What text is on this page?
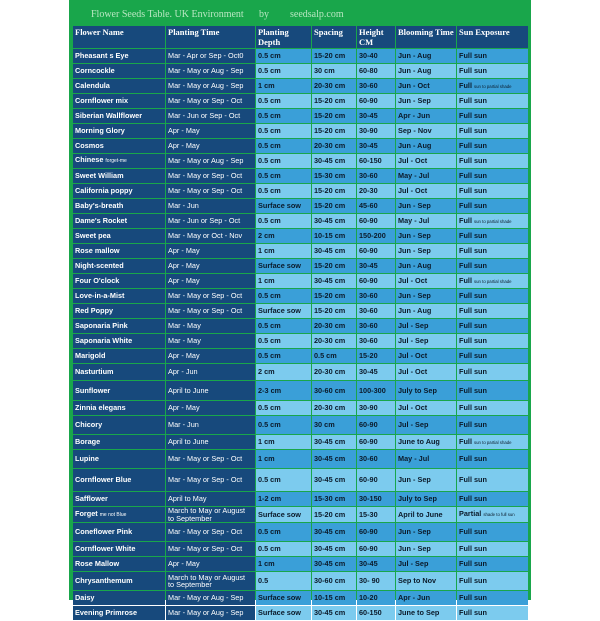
Flower Seeds Table. UK Environment by seedsalp.com
Flower Name	Planting Time	Planting Depth	Spacing	Height CM	Blooming Time	Sun Exposure
Pheasant s Eye	Mar - Apr or Sep - Oct0	0.5 cm	15-20 cm	30-40	Jun - Aug	Full sun
Corncockle	Mar - May or Aug - Sep	0.5 cm	30 cm	60-80	Jun - Aug	Full sun
Calendula	Mar - May or Aug - Sep	1 cm	20-30 cm	30-60	Jun - Oct	Full sun to partial shade
Cornflower mix	Mar - May or Sep - Oct	0.5 cm	15-20 cm	60-90	Jun - Sep	Full sun
Siberian Wallflower	Mar - Jun or Sep - Oct	0.5 cm	15-20 cm	30-45	Apr - Jun	Full sun
Morning Glory	Apr - May	0.5 cm	15-20 cm	30-90	Sep - Nov	Full sun
Cosmos	Apr - May	0.5 cm	20-30 cm	30-45	Jun - Aug	Full sun
Chinese forget-me	Mar - May or Aug - Sep	0.5 cm	30-45 cm	60-150	Jul - Oct	Full sun
Sweet William	Mar - May or Sep - Oct	0.5 cm	15-30 cm	30-60	May - Jul	Full sun
California poppy	Mar - May or Sep - Oct	0.5 cm	15-20 cm	20-30	Jul - Oct	Full sun
Baby's-breath	Mar - Jun	Surface sow	15-20 cm	45-60	Jun - Sep	Full sun
Dame's Rocket	Mar - Jun or Sep - Oct	0.5 cm	30-45 cm	60-90	May - Jul	Full sun to partial shade
Sweet pea	Mar - May or Oct - Nov	2 cm	10-15 cm	150-200	Jun - Sep	Full sun
Rose mallow	Apr - May	1 cm	30-45 cm	60-90	Jun - Sep	Full sun
Night-scented	Apr - May	Surface sow	15-20 cm	30-45	Jun - Aug	Full sun
Four O'clock	Apr - May	1 cm	30-45 cm	60-90	Jul - Oct	Full sun to partial shade
Love-in-a-Mist	Mar - May or Sep - Oct	0.5 cm	15-20 cm	30-60	Jun - Sep	Full sun
Red Poppy	Mar - May or Sep - Oct	Surface sow	15-20 cm	30-60	Jun - Aug	Full sun
Saponaria Pink	Mar - May	0.5 cm	20-30 cm	30-60	Jul - Sep	Full sun
Saponaria White	Mar - May	0.5 cm	20-30 cm	30-60	Jul - Sep	Full sun
Marigold	Apr - May	0.5 cm	0.5 cm	15-20	Jul - Oct	Full sun
Nasturtium	Apr - Jun	2 cm	20-30 cm	30-45	Jul - Oct	Full sun
Sunflower	April to June	2-3 cm	30-60 cm	100-300	July to Sep	Full sun
Zinnia elegans	Apr - May	0.5 cm	20-30 cm	30-90	Jul - Oct	Full sun
Chicory	Mar - Jun	0.5 cm	30 cm	60-90	Jul - Sep	Full sun
Borage	April to June	1 cm	30-45 cm	60-90	June to Aug	Full sun to partial shade
Lupine	Mar - May or Sep - Oct	1 cm	30-45 cm	30-60	May - Jul	Full sun
Cornflower Blue	Mar - May or Sep - Oct	0.5 cm	30-45 cm	60-90	Jun - Sep	Full sun
Safflower	April to May	1-2 cm	15-30 cm	30-150	July to Sep	Full sun
Forget me not Blue	March to May or August to September	Surface sow	15-20 cm	15-30	April to June	Partial shade to full sun
Coneflower Pink	Mar - May or Sep - Oct	0.5 cm	30-45 cm	60-90	Jun - Sep	Full sun
Cornflower White	Mar - May or Sep - Oct	0.5 cm	30-45 cm	60-90	Jun - Sep	Full sun
Rose Mallow	Apr - May	1 cm	30-45 cm	30-45	Jul - Sep	Full sun
Chrysanthemum	March to May or August to September	0.5	30-60 cm	30- 90	Sep to Nov	Full sun
Daisy	Mar - May or Aug - Sep	Surface sow	10-15 cm	10-20	Apr - Jun	Full sun
Evening Primrose	Mar - May or Aug - Sep	Surface sow	30-45 cm	60-150	June to Sep	Full sun
